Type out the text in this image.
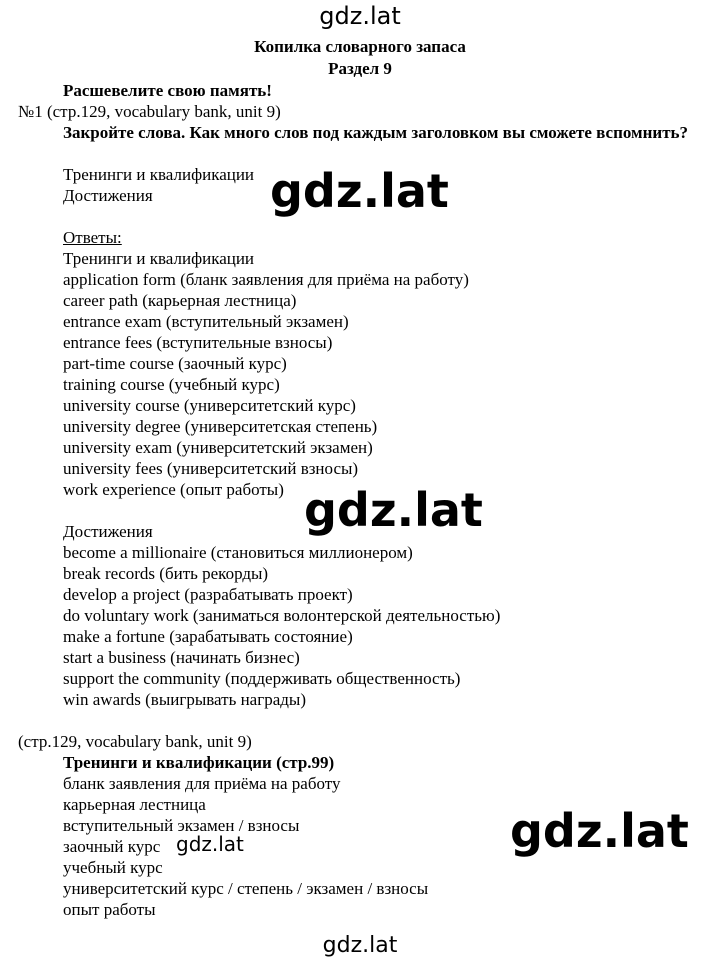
gdz.lat
gdz.lat
gdz.lat
gdz.lat
gdz.lat
gdz.lat
Копилка словарного запаса
Раздел 9
Расшевелите свою память!
№1 (стр.129, vocabulary bank, unit 9)
Закройте слова. Как много слов под каждым заголовком вы сможете вспомнить?
Тренинги и квалификации
Достижения
Ответы:
Тренинги и квалификации
application form (бланк заявления для приёма на работу)
career path (карьерная лестница)
entrance exam (вступительный экзамен)
entrance fees (вступительные взносы)
part-time course (заочный курс)
training course (учебный курс)
university course (университетский курс)
university degree (университетская степень)
university exam (университетский экзамен)
university fees (университетский взносы)
work experience (опыт работы)
Достижения
become a millionaire (становиться миллионером)
break records (бить рекорды)
develop a project (разрабатывать проект)
do voluntary work (заниматься волонтерской деятельностью)
make a fortune (зарабатывать состояние)
start a business (начинать бизнес)
support the community (поддерживать общественность)
win awards (выигрывать награды)
(стр.129, vocabulary bank, unit 9)
Тренинги и квалификации (стр.99)
бланк заявления для приёма на работу
карьерная лестница
вступительный экзамен / взносы
заочный курс
учебный курс
университетский курс / степень / экзамен / взносы
опыт работы
